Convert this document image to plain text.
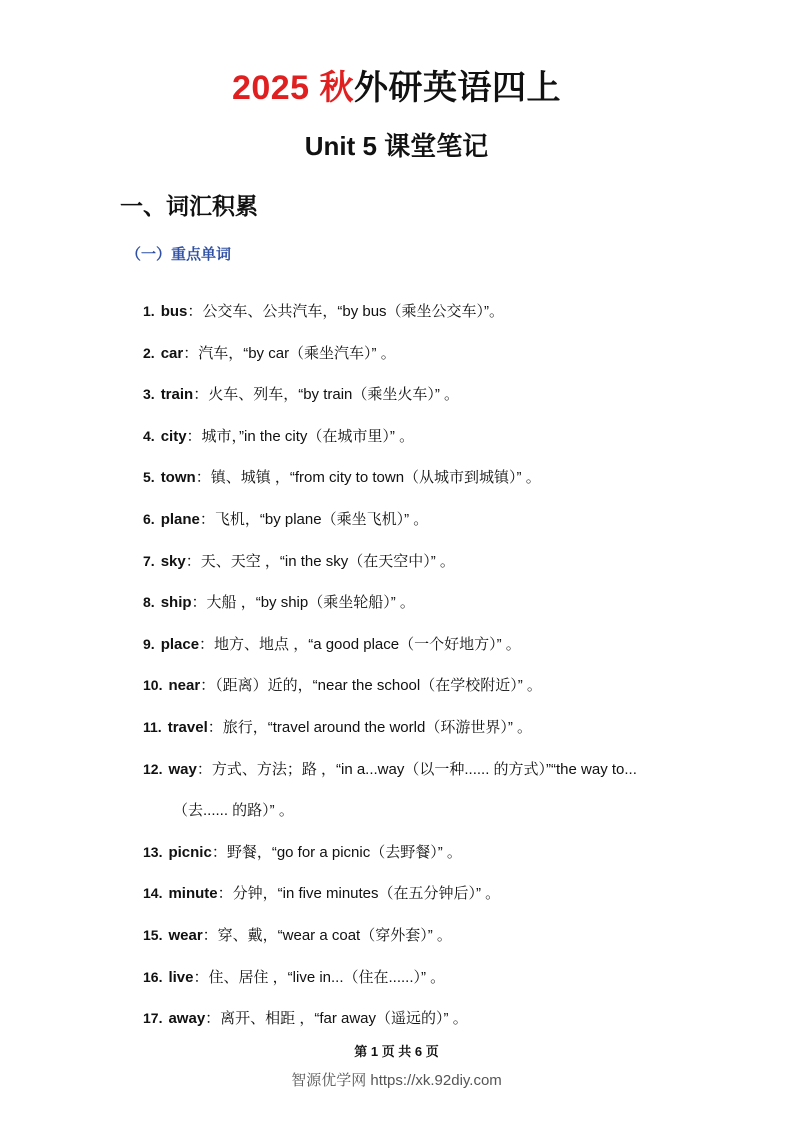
2025 秋外研英语四上
Unit 5 课堂笔记
一、词汇积累
（一）重点单词
1. bus：公交车、公共汽车，“by bus（乘坐公交车）”。
2. car：汽车，“by car（乘坐汽车）” 。
3. train：火车、列车，“by train（乘坐火车）” 。
4. city：城市，”in the city（在城市里）” 。
5. town：镇、城镇 ，“from city to town（从城市到城镇）” 。
6. plane：飞机，“by plane（乘坐飞机）” 。
7. sky：天、天空 ，“in the sky（在天空中）” 。
8. ship：大船 ，“by ship（乘坐轮船）” 。
9. place：地方、地点 ，“a good place（一个好地方）” 。
10. near：（距离）近的，“near the school（在学校附近）” 。
11. travel：旅行，“travel around the world（环游世界）” 。
12. way：方式、方法；路 ，“in a...way（以一种...... 的方式）”“the way to...
（去...... 的路）” 。
13. picnic：野餐，“go for a picnic（去野餐）” 。
14. minute：分钟，“in five minutes（在五分钟后）” 。
15. wear：穿、戴，“wear a coat（穿外套）” 。
16. live：住、居住 ，“live in...（住在......）” 。
17. away：离开、相距 ，“far away（遥远的）” 。
第 1 页 共 6 页
智源优学网 https://xk.92diy.com
